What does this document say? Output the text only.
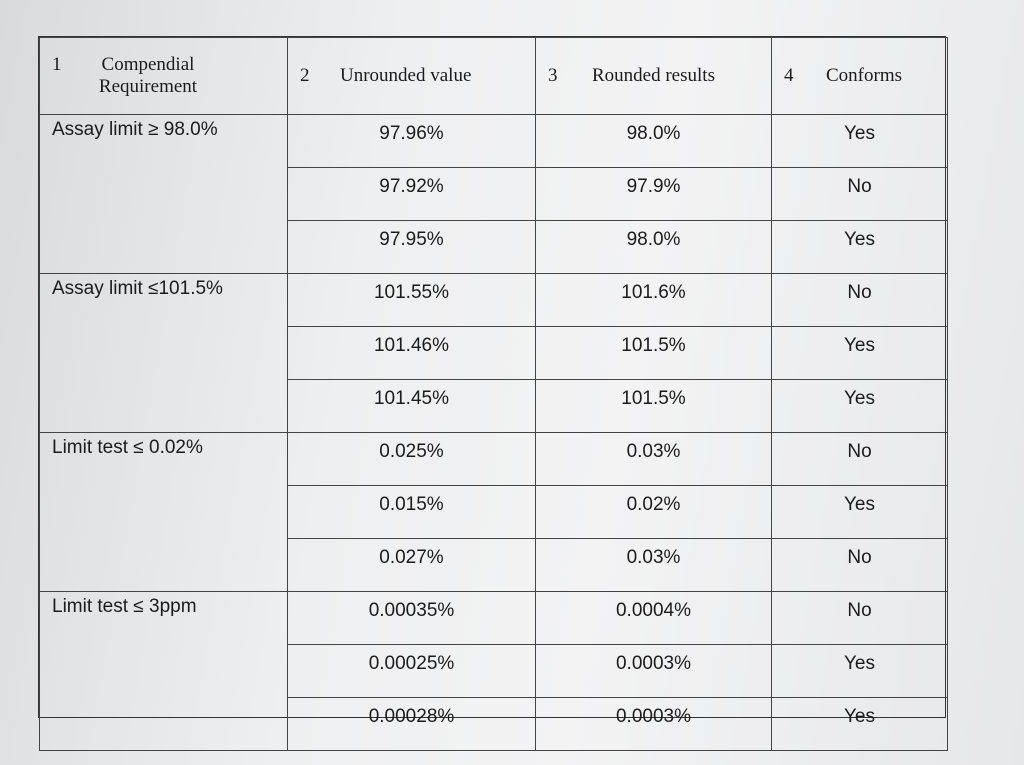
1 Compendial Requirement	2 Unrounded value	3 Rounded results	4 Conforms
Assay limit ≥ 98.0%	97.96%	98.0%	Yes
	97.92%	97.9%	No
	97.95%	98.0%	Yes
Assay limit ≤101.5%	101.55%	101.6%	No
	101.46%	101.5%	Yes
	101.45%	101.5%	Yes
Limit test ≤ 0.02%	0.025%	0.03%	No
	0.015%	0.02%	Yes
	0.027%	0.03%	No
Limit test ≤ 3ppm	0.00035%	0.0004%	No
	0.00025%	0.0003%	Yes
	0.00028%	0.0003%	Yes
